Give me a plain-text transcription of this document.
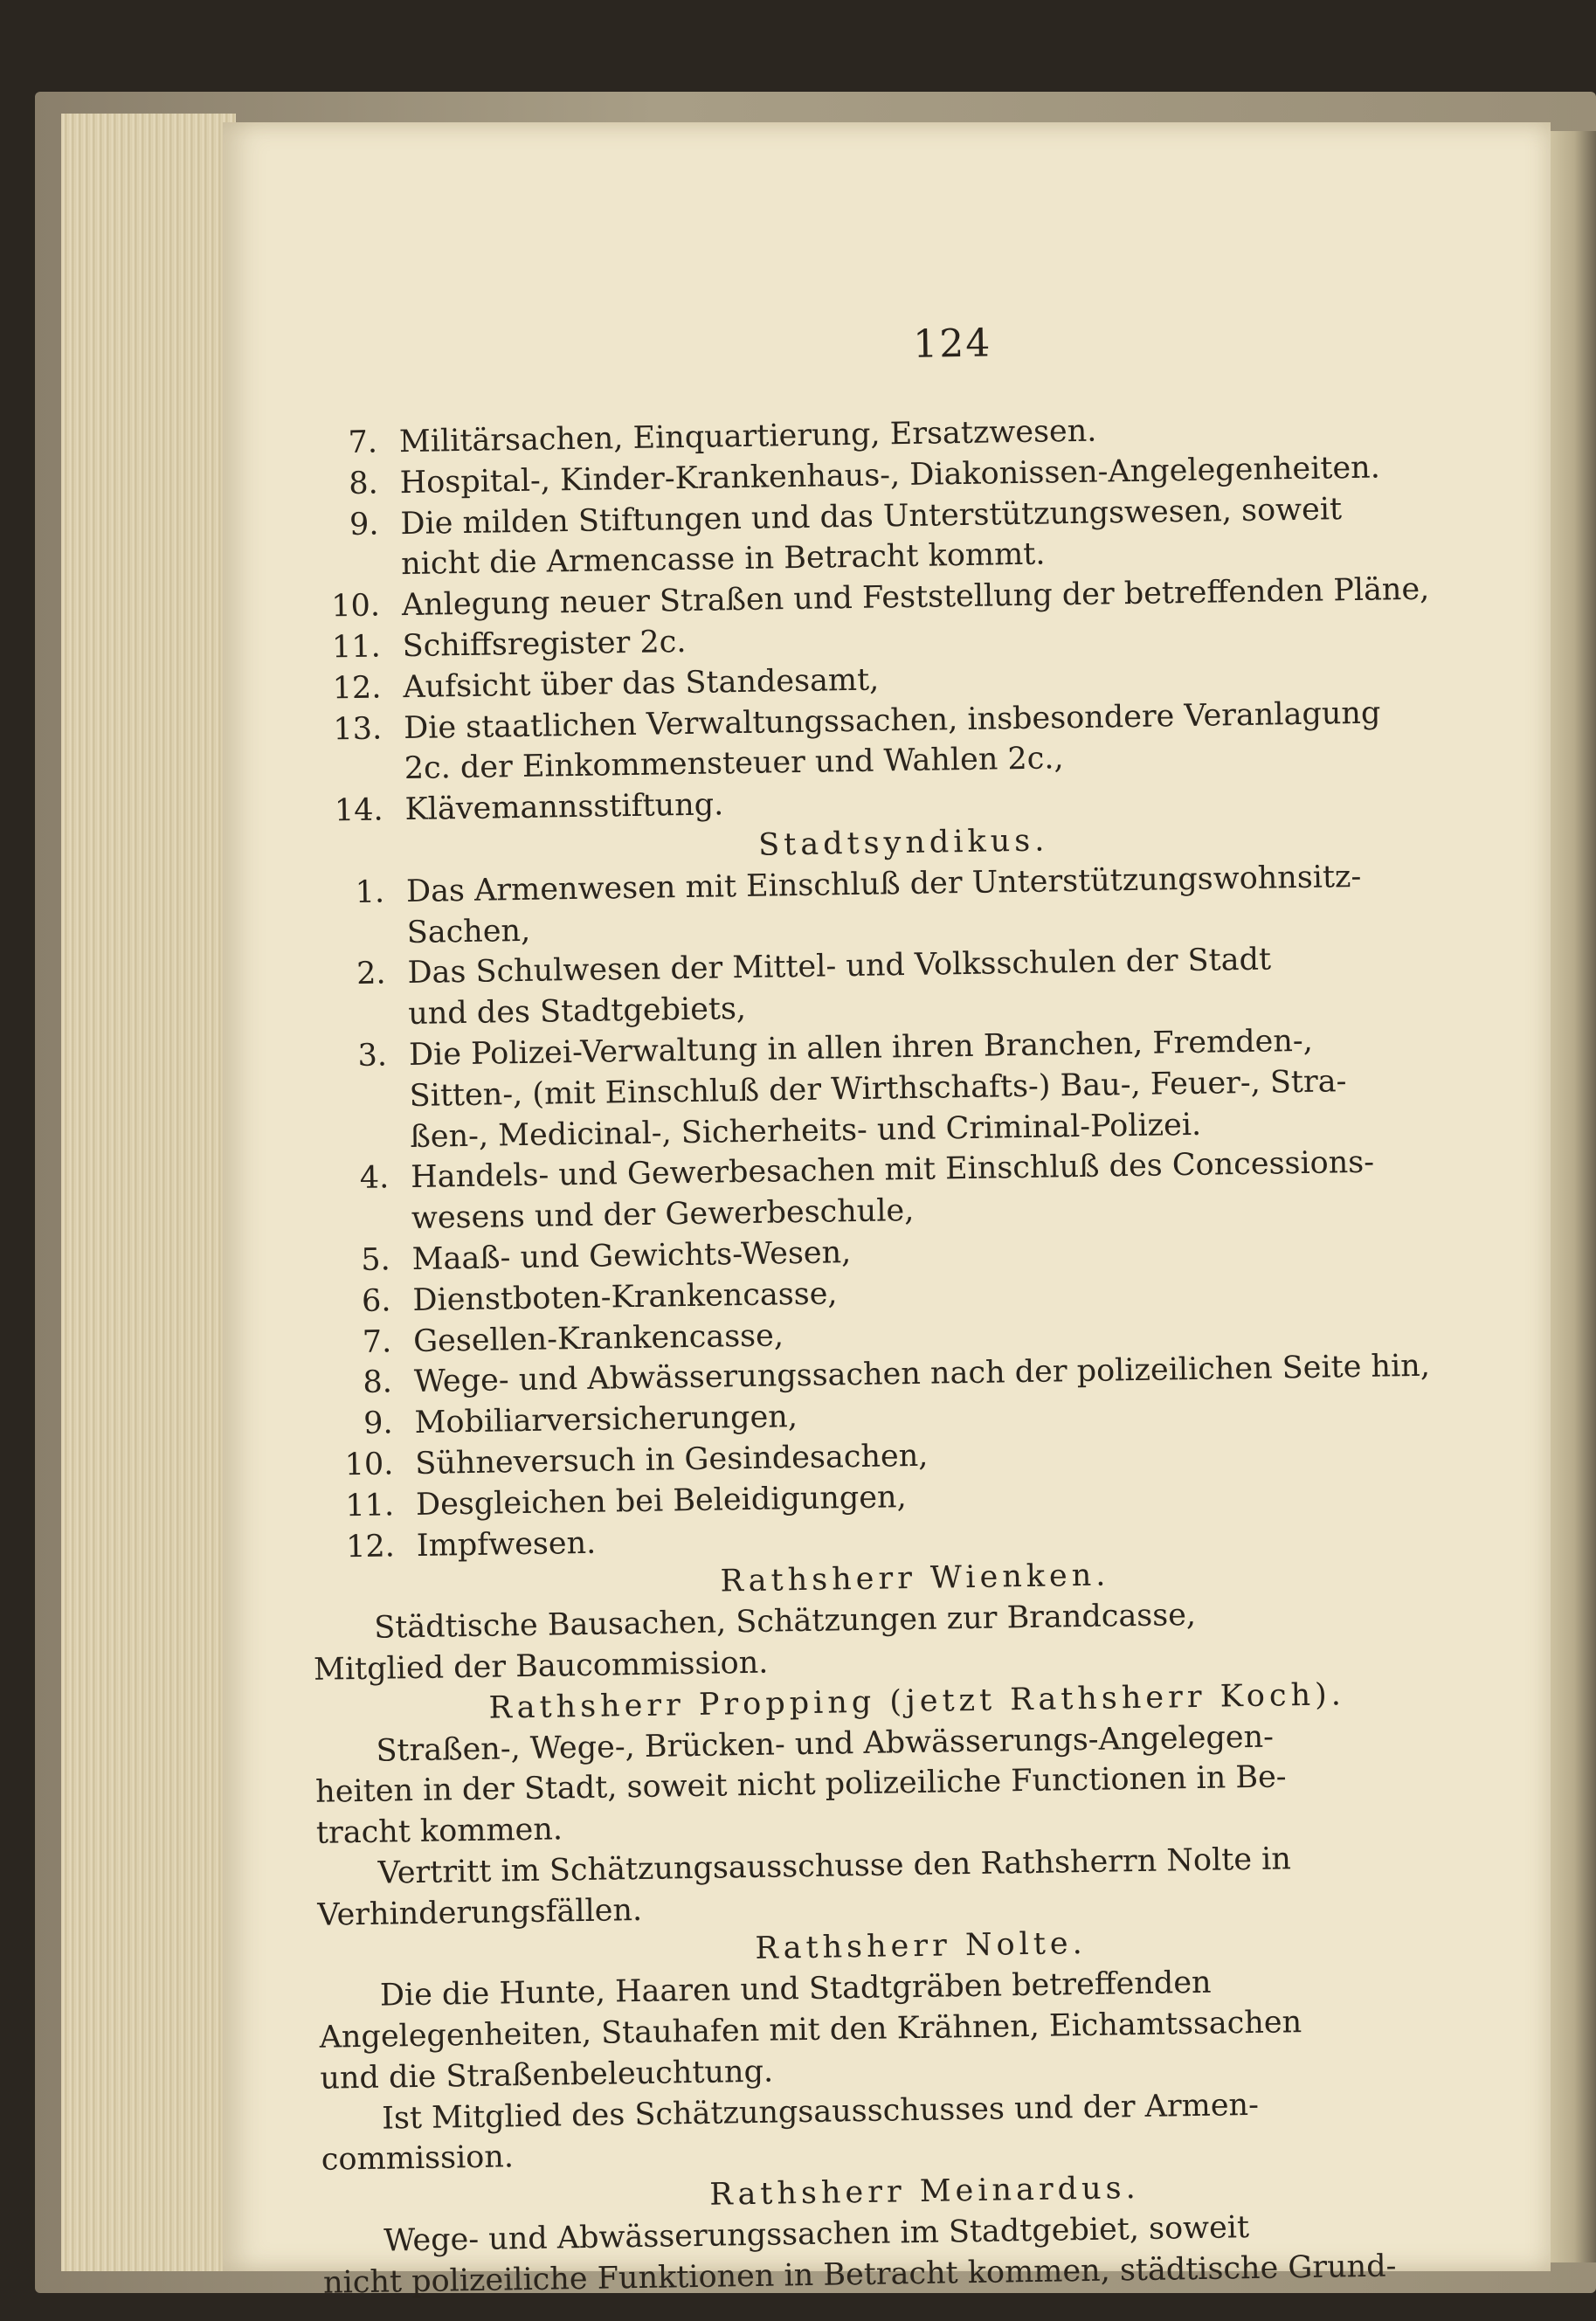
124

7. Militärsachen, Einquartierung, Ersatzwesen.
8. Hospital-, Kinder-Krankenhaus-, Diakonissen-Angelegenheiten.
9. Die milden Stiftungen und das Unterstützungswesen, soweit
nicht die Armencasse in Betracht kommt.
10. Anlegung neuer Straßen und Feststellung der betreffenden Pläne,
11. Schiffsregister 2c.
12. Aufsicht über das Standesamt,
13. Die staatlichen Verwaltungssachen, insbesondere Veranlagung
2c. der Einkommensteuer und Wahlen 2c.,
14. Klävemannsstiftung.

Stadtsyndikus.

1. Das Armenwesen mit Einschluß der Unterstützungswohnsitz-
Sachen,
2. Das Schulwesen der Mittel- und Volksschulen der Stadt
und des Stadtgebiets,
3. Die Polizei-Verwaltung in allen ihren Branchen, Fremden-,
Sitten-, (mit Einschluß der Wirthschafts-) Bau-, Feuer-, Stra-
ßen-, Medicinal-, Sicherheits- und Criminal-Polizei.
4. Handels- und Gewerbesachen mit Einschluß des Concessions-
wesens und der Gewerbeschule,
5. Maaß- und Gewichts-Wesen,
6. Dienstboten-Krankencasse,
7. Gesellen-Krankencasse,
8. Wege- und Abwässerungssachen nach der polizeilichen Seite hin,
9. Mobiliarversicherungen,
10. Sühneversuch in Gesindesachen,
11. Desgleichen bei Beleidigungen,
12. Impfwesen.

Rathsherr Wienken.

Städtische Bausachen, Schätzungen zur Brandcasse,

Mitglied der Baucommission.

Rathsherr Propping (jetzt Rathsherr Koch).

Straßen-, Wege-, Brücken- und Abwässerungs-Angelegen-

heiten in der Stadt, soweit nicht polizeiliche Functionen in Be-

tracht kommen.

Vertritt im Schätzungsausschusse den Rathsherrn Nolte in

Verhinderungsfällen.

Rathsherr Nolte.

Die die Hunte, Haaren und Stadtgräben betreffenden

Angelegenheiten, Stauhafen mit den Krähnen, Eichamtssachen

und die Straßenbeleuchtung.

Ist Mitglied des Schätzungsausschusses und der Armen-

commission.

Rathsherr Meinardus.

Wege- und Abwässerungssachen im Stadtgebiet, soweit

nicht polizeiliche Funktionen in Betracht kommen, städtische Grund-
